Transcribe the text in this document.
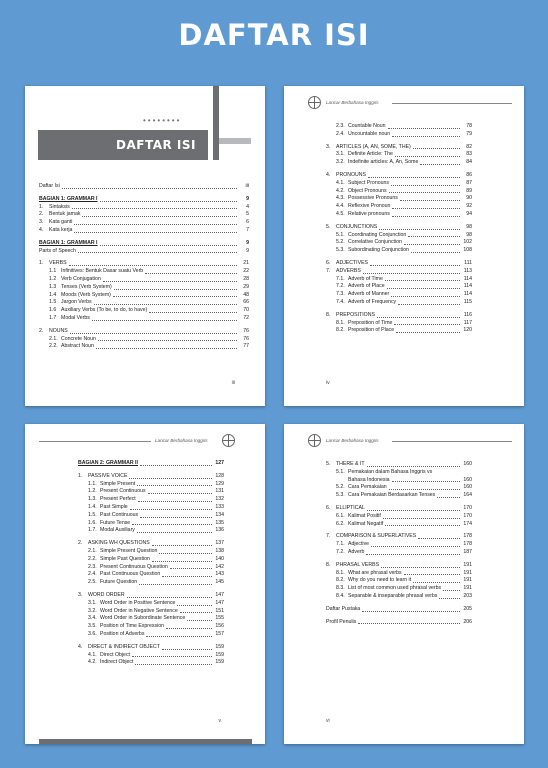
DAFTAR ISI
••••••••
DAFTAR ISI
Daftar Isi	iii
BAGIAN 1: GRAMMAR I	9
1.	Sintaksis	4
2.	Bentuk jamak	5
3.	Kata ganti	6
4.	Kata kerja	7
BAGIAN 1: GRAMMAR I	9
Parts of Speech	9
1.	VERBS	21
1.1 Infinitives: Bentuk Dasar suatu Verb	22
1.2 Verb Conjugation	28
1.3 Tenses (Verb System)	29
1.4 Moods (Verb System)	48
1.5 Jargon Verbs	66
1.6 Auxiliary Verbs (To be, to do, to have)	70
1.7 Modal Verbs	72
2.	NOUNS	76
2.1. Concrete Noun	76
2.2. Abstract Noun	77
iii
Lancar Berbahasa Inggris
2.3. Countable Noun	78
2.4. Uncountable noun	79
3.	ARTICLES (A, AN, SOME, THE)	82
3.1. Definite Article: The	83
3.2. Indefinite articles: A, An, Some	84
4.	PRONOUNS	86
4.1. Subject Pronouns	87
4.2. Object Pronouns	89
4.3. Possessive Pronouns	90
4.4. Reflexive Pronoun	92
4.5. Relative pronouns	94
5.	CONJUNCTIONS	98
5.1. Coordinating Conjunction	98
5.2. Correlative Conjunction	102
5.3. Subordinating Conjunction	108
6.	ADJECTIVES	111
7.	ADVERBS	113
7.1. Adverb of Time	114
7.2. Adverb of Place	114
7.3. Adverb of Manner	114
7.4. Adverb of Frequency	115
8.	PREPOSITIONS	116
8.1. Preposition of Time	117
8.2. Preposition of Place	120
iv
Lancar Berbahasa Inggris
BAGIAN 2: GRAMMAR II	127
1.	PASSIVE VOICE	128
1.1. Simple Present	129
1.2. Present Continuous	131
1.3. Present Perfect	132
1.4. Past Simple	133
1.5. Past Continuous	134
1.6. Future Tense	135
1.7. Modal Auxiliary	136
2.	ASKING WH QUESTIONS	137
2.1. Simple Present Question	138
2.2. Simple Past Question	140
2.3. Present Continuous Question	142
2.4. Past Continuous Question	143
2.5. Future Question	145
3.	WORD ORDER	147
3.1. Word Order in Positive Sentence	147
3.2. Word Order in Negative Sentence	151
3.4. Word Order in Subordinate Sentence	155
3.5. Position of Time Expression	156
3.6. Position of Adverbs	157
4.	DIRECT & INDIRECT OBJECT	159
4.1. Direct Object	159
4.2. Indirect Object	159
v
Lancar Berbahasa Inggris
5.	THERE & IT	160
5.1. Pemakaian dalam Bahasa Inggris vs
Bahasa Indonesia	160
5.2. Cara Pemakaian	160
5.3. Cara Pemakaian Berdasarkan Tenses	164
6.	ELLIPTICAL	170
6.1. Kalimat Positif	170
6.2. Kalimat Negatif	174
7.	COMPARISON & SUPERLATIVES	178
7.1. Adjective	178
7.2. Adverb	187
8.	PHRASAL VERBS	191
8.1. What are phrasal verbs	191
8.2. Why do you need to learn it	191
8.3. List of most common used phrasal verbs	191
8.4. Separable & inseparable phrasal verbs	203
Daftar Pustaka	205
Profil Penulis	206
vi
